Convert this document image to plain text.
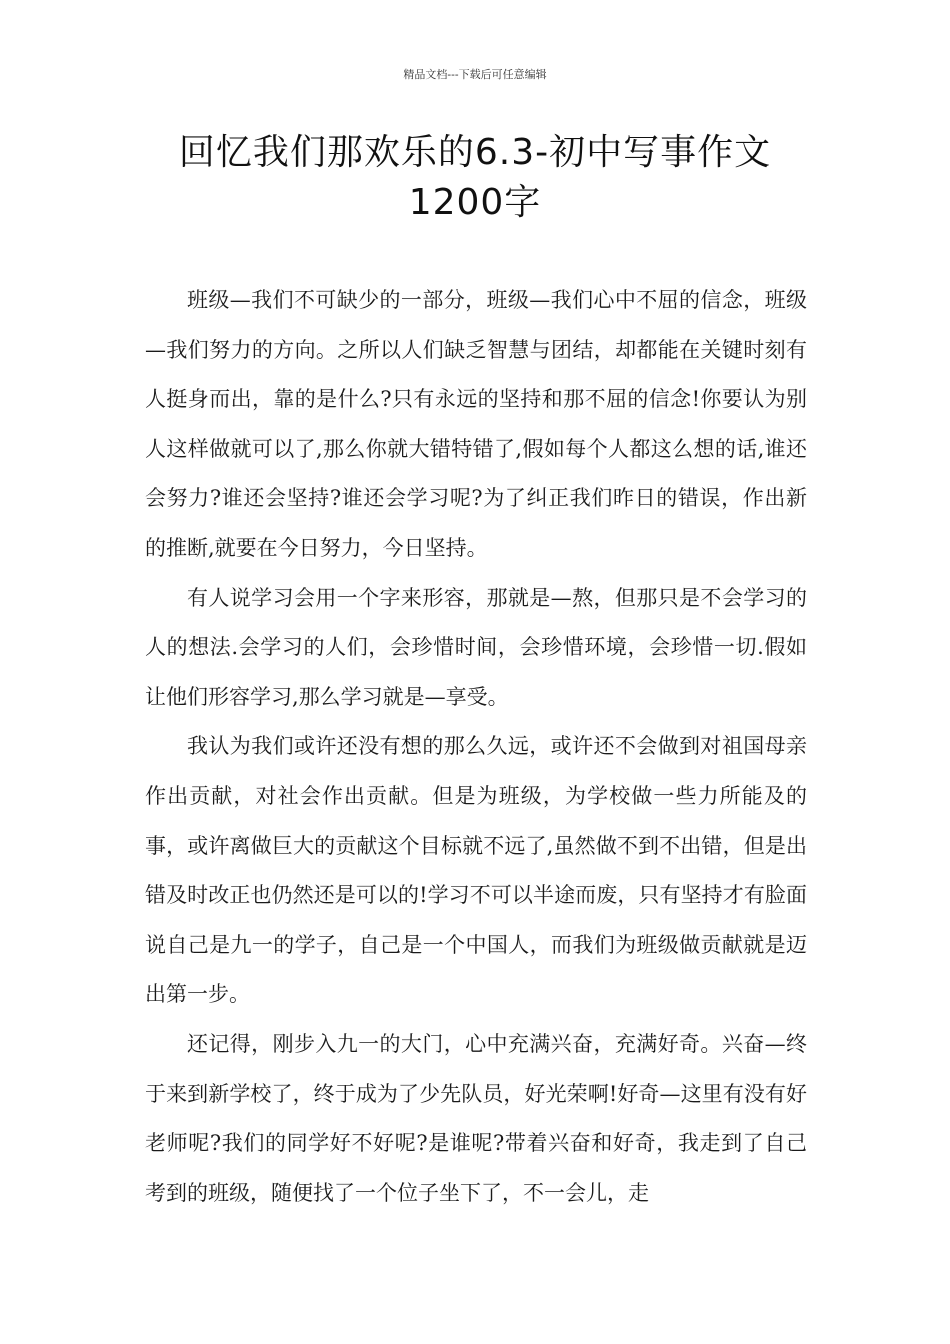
精品文档---下载后可任意编辑
回忆我们那欢乐的6.3-初中写事作文
1200字

班级—我们不可缺少的一部分，班级—我们心中不屈的信念，班级—我们努力的方向。之所以人们缺乏智慧与团结，却都能在关键时刻有人挺身而出，靠的是什么?只有永远的坚持和那不屈的信念!你要认为别人这样做就可以了,那么你就大错特错了,假如每个人都这么想的话,谁还会努力?谁还会坚持?谁还会学习呢?为了纠正我们昨日的错误，作出新的推断,就要在今日努力，今日坚持。

有人说学习会用一个字来形容，那就是—熬，但那只是不会学习的人的想法.会学习的人们，会珍惜时间，会珍惜环境，会珍惜一切.假如让他们形容学习,那么学习就是—享受。

我认为我们或许还没有想的那么久远，或许还不会做到对祖国母亲作出贡献，对社会作出贡献。但是为班级，为学校做一些力所能及的事，或许离做巨大的贡献这个目标就不远了,虽然做不到不出错，但是出错及时改正也仍然还是可以的!学习不可以半途而废，只有坚持才有脸面说自己是九一的学子，自己是一个中国人，而我们为班级做贡献就是迈出第一步。

还记得，刚步入九一的大门，心中充满兴奋，充满好奇。兴奋—终于来到新学校了，终于成为了少先队员，好光荣啊!好奇—这里有没有好老师呢?我们的同学好不好呢?是谁呢?带着兴奋和好奇，我走到了自己考到的班级，随便找了一个位子坐下了，不一会儿，走
